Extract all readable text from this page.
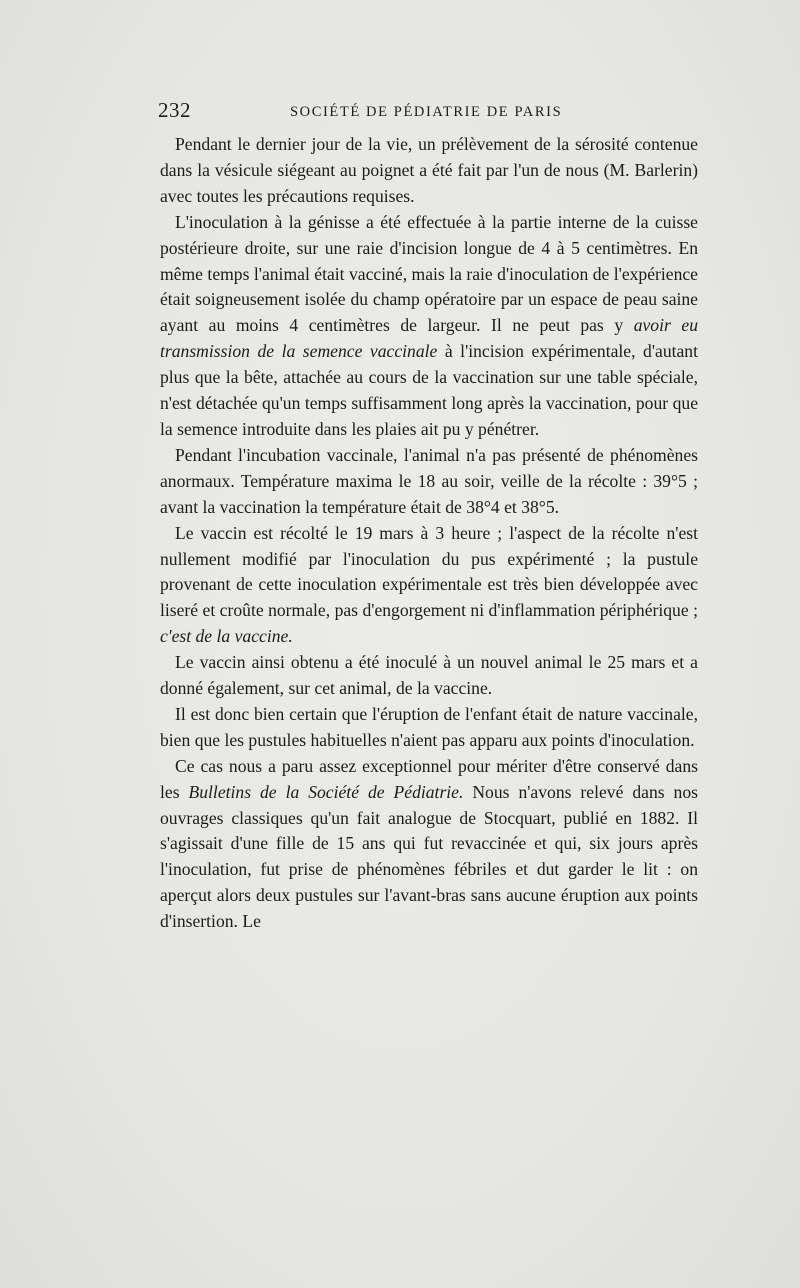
232	SOCIÉTÉ DE PÉDIATRIE DE PARIS

Pendant le dernier jour de la vie, un prélèvement de la sérosité contenue dans la vésicule siégeant au poignet a été fait par l'un de nous (M. Barlerin) avec toutes les précautions requises.

L'inoculation à la génisse a été effectuée à la partie interne de la cuisse postérieure droite, sur une raie d'incision longue de 4 à 5 centimètres. En même temps l'animal était vacciné, mais la raie d'inoculation de l'expérience était soigneusement isolée du champ opératoire par un espace de peau saine ayant au moins 4 centimètres de largeur. Il ne peut pas y avoir eu transmission de la semence vaccinale à l'incision expérimentale, d'autant plus que la bête, attachée au cours de la vaccination sur une table spéciale, n'est détachée qu'un temps suffisamment long après la vaccination, pour que la semence introduite dans les plaies ait pu y pénétrer.

Pendant l'incubation vaccinale, l'animal n'a pas présenté de phénomènes anormaux. Température maxima le 18 au soir, veille de la récolte : 39°5 ; avant la vaccination la température était de 38°4 et 38°5.

Le vaccin est récolté le 19 mars à 3 heure ; l'aspect de la récolte n'est nullement modifié par l'inoculation du pus expérimenté ; la pustule provenant de cette inoculation expérimentale est très bien développée avec liseré et croûte normale, pas d'engorgement ni d'inflammation périphérique ; c'est de la vaccine.

Le vaccin ainsi obtenu a été inoculé à un nouvel animal le 25 mars et a donné également, sur cet animal, de la vaccine.

Il est donc bien certain que l'éruption de l'enfant était de nature vaccinale, bien que les pustules habituelles n'aient pas apparu aux points d'inoculation.

Ce cas nous a paru assez exceptionnel pour mériter d'être conservé dans les Bulletins de la Société de Pédiatrie. Nous n'avons relevé dans nos ouvrages classiques qu'un fait analogue de Stocquart, publié en 1882. Il s'agissait d'une fille de 15 ans qui fut revaccinée et qui, six jours après l'inoculation, fut prise de phénomènes fébriles et dut garder le lit : on aperçut alors deux pustules sur l'avant-bras sans aucune éruption aux points d'insertion. Le
